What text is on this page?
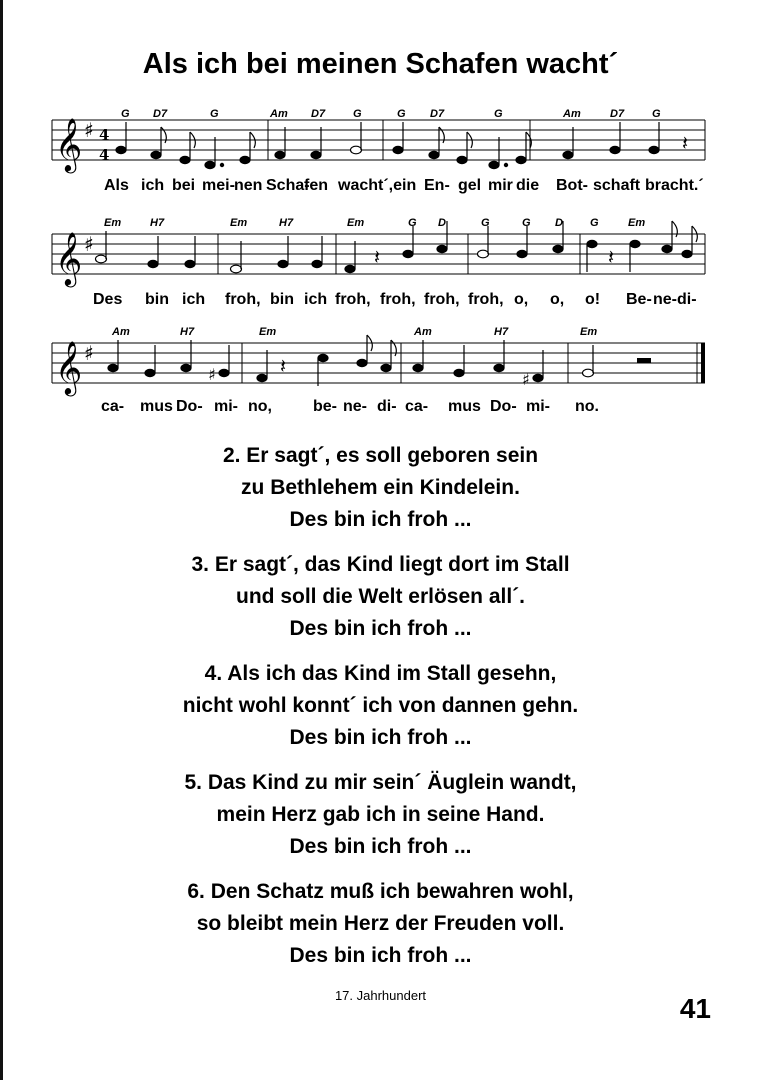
Als ich bei meinen Schafen wacht´
𝄞 ♯ 4
4	𝄽
G D7	G	Am D7	G	G D7	G	Am	D7	G
Als ich bei mei- nen Scha-
fen wacht´,ein En- gel mir die Bot- schaft bracht.´
𝄞 ♯
𝄽	𝄽
Em	H7	Em	H7	Em	G D	G	G D G	Em
Des bin ich froh, bin ich froh, froh, froh, froh, o, o, o! Be- ne- di-
𝄞 ♯
♯	♯
𝄽
Am	H7	Em	Am	H7	Em
ca- mus Do- mi- no,	be- ne- di- ca- mus Do- mi- no.
2. Er sagt´, es soll geboren sein
zu Bethlehem ein Kindelein.
Des bin ich froh ...
3. Er sagt´, das Kind liegt dort im Stall
und soll die Welt erlösen all´.
Des bin ich froh ...
4. Als ich das Kind im Stall gesehn,
nicht wohl konnt´ ich von dannen gehn.
Des bin ich froh ...
5. Das Kind zu mir sein´ Äuglein wandt,
mein Herz gab ich in seine Hand.
Des bin ich froh ...
6. Den Schatz muß ich bewahren wohl,
so bleibt mein Herz der Freuden voll.
Des bin ich froh ...
17. Jahrhundert	41
